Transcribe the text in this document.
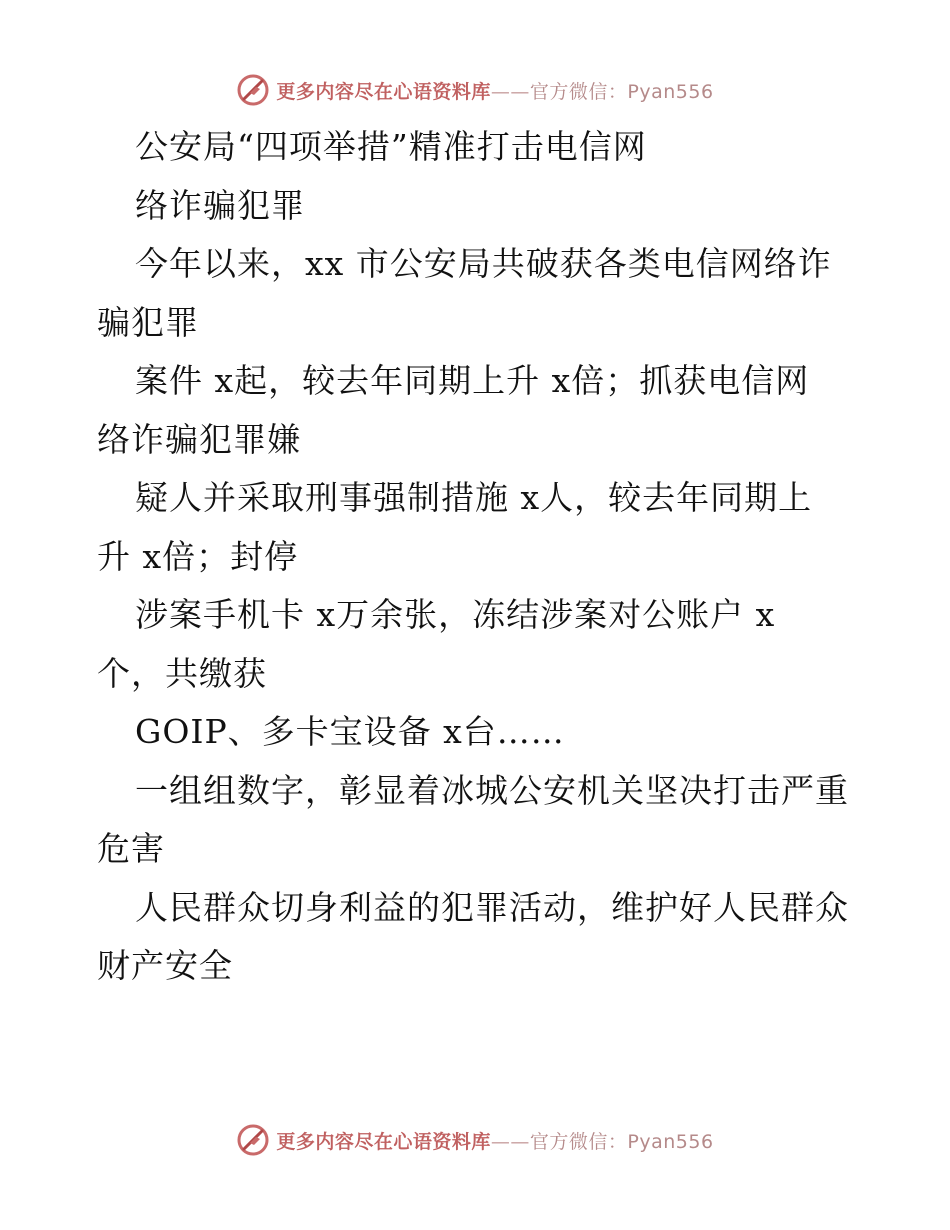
更多内容尽在心语资料库——官方微信：Pyan556
公安局“四项举措”精准打击电信网
络诈骗犯罪
今年以来，xx 市公安局共破获各类电信网络诈
骗犯罪
案件 x起，较去年同期上升 x倍；抓获电信网
络诈骗犯罪嫌
疑人并采取刑事强制措施 x人，较去年同期上
升 x倍；封停
涉案手机卡 x万余张，冻结涉案对公账户 x
个，共缴获
GOIP、多卡宝设备 x台……
一组组数字，彰显着冰城公安机关坚决打击严重
危害
人民群众切身利益的犯罪活动，维护好人民群众
财产安全
更多内容尽在心语资料库——官方微信：Pyan556
